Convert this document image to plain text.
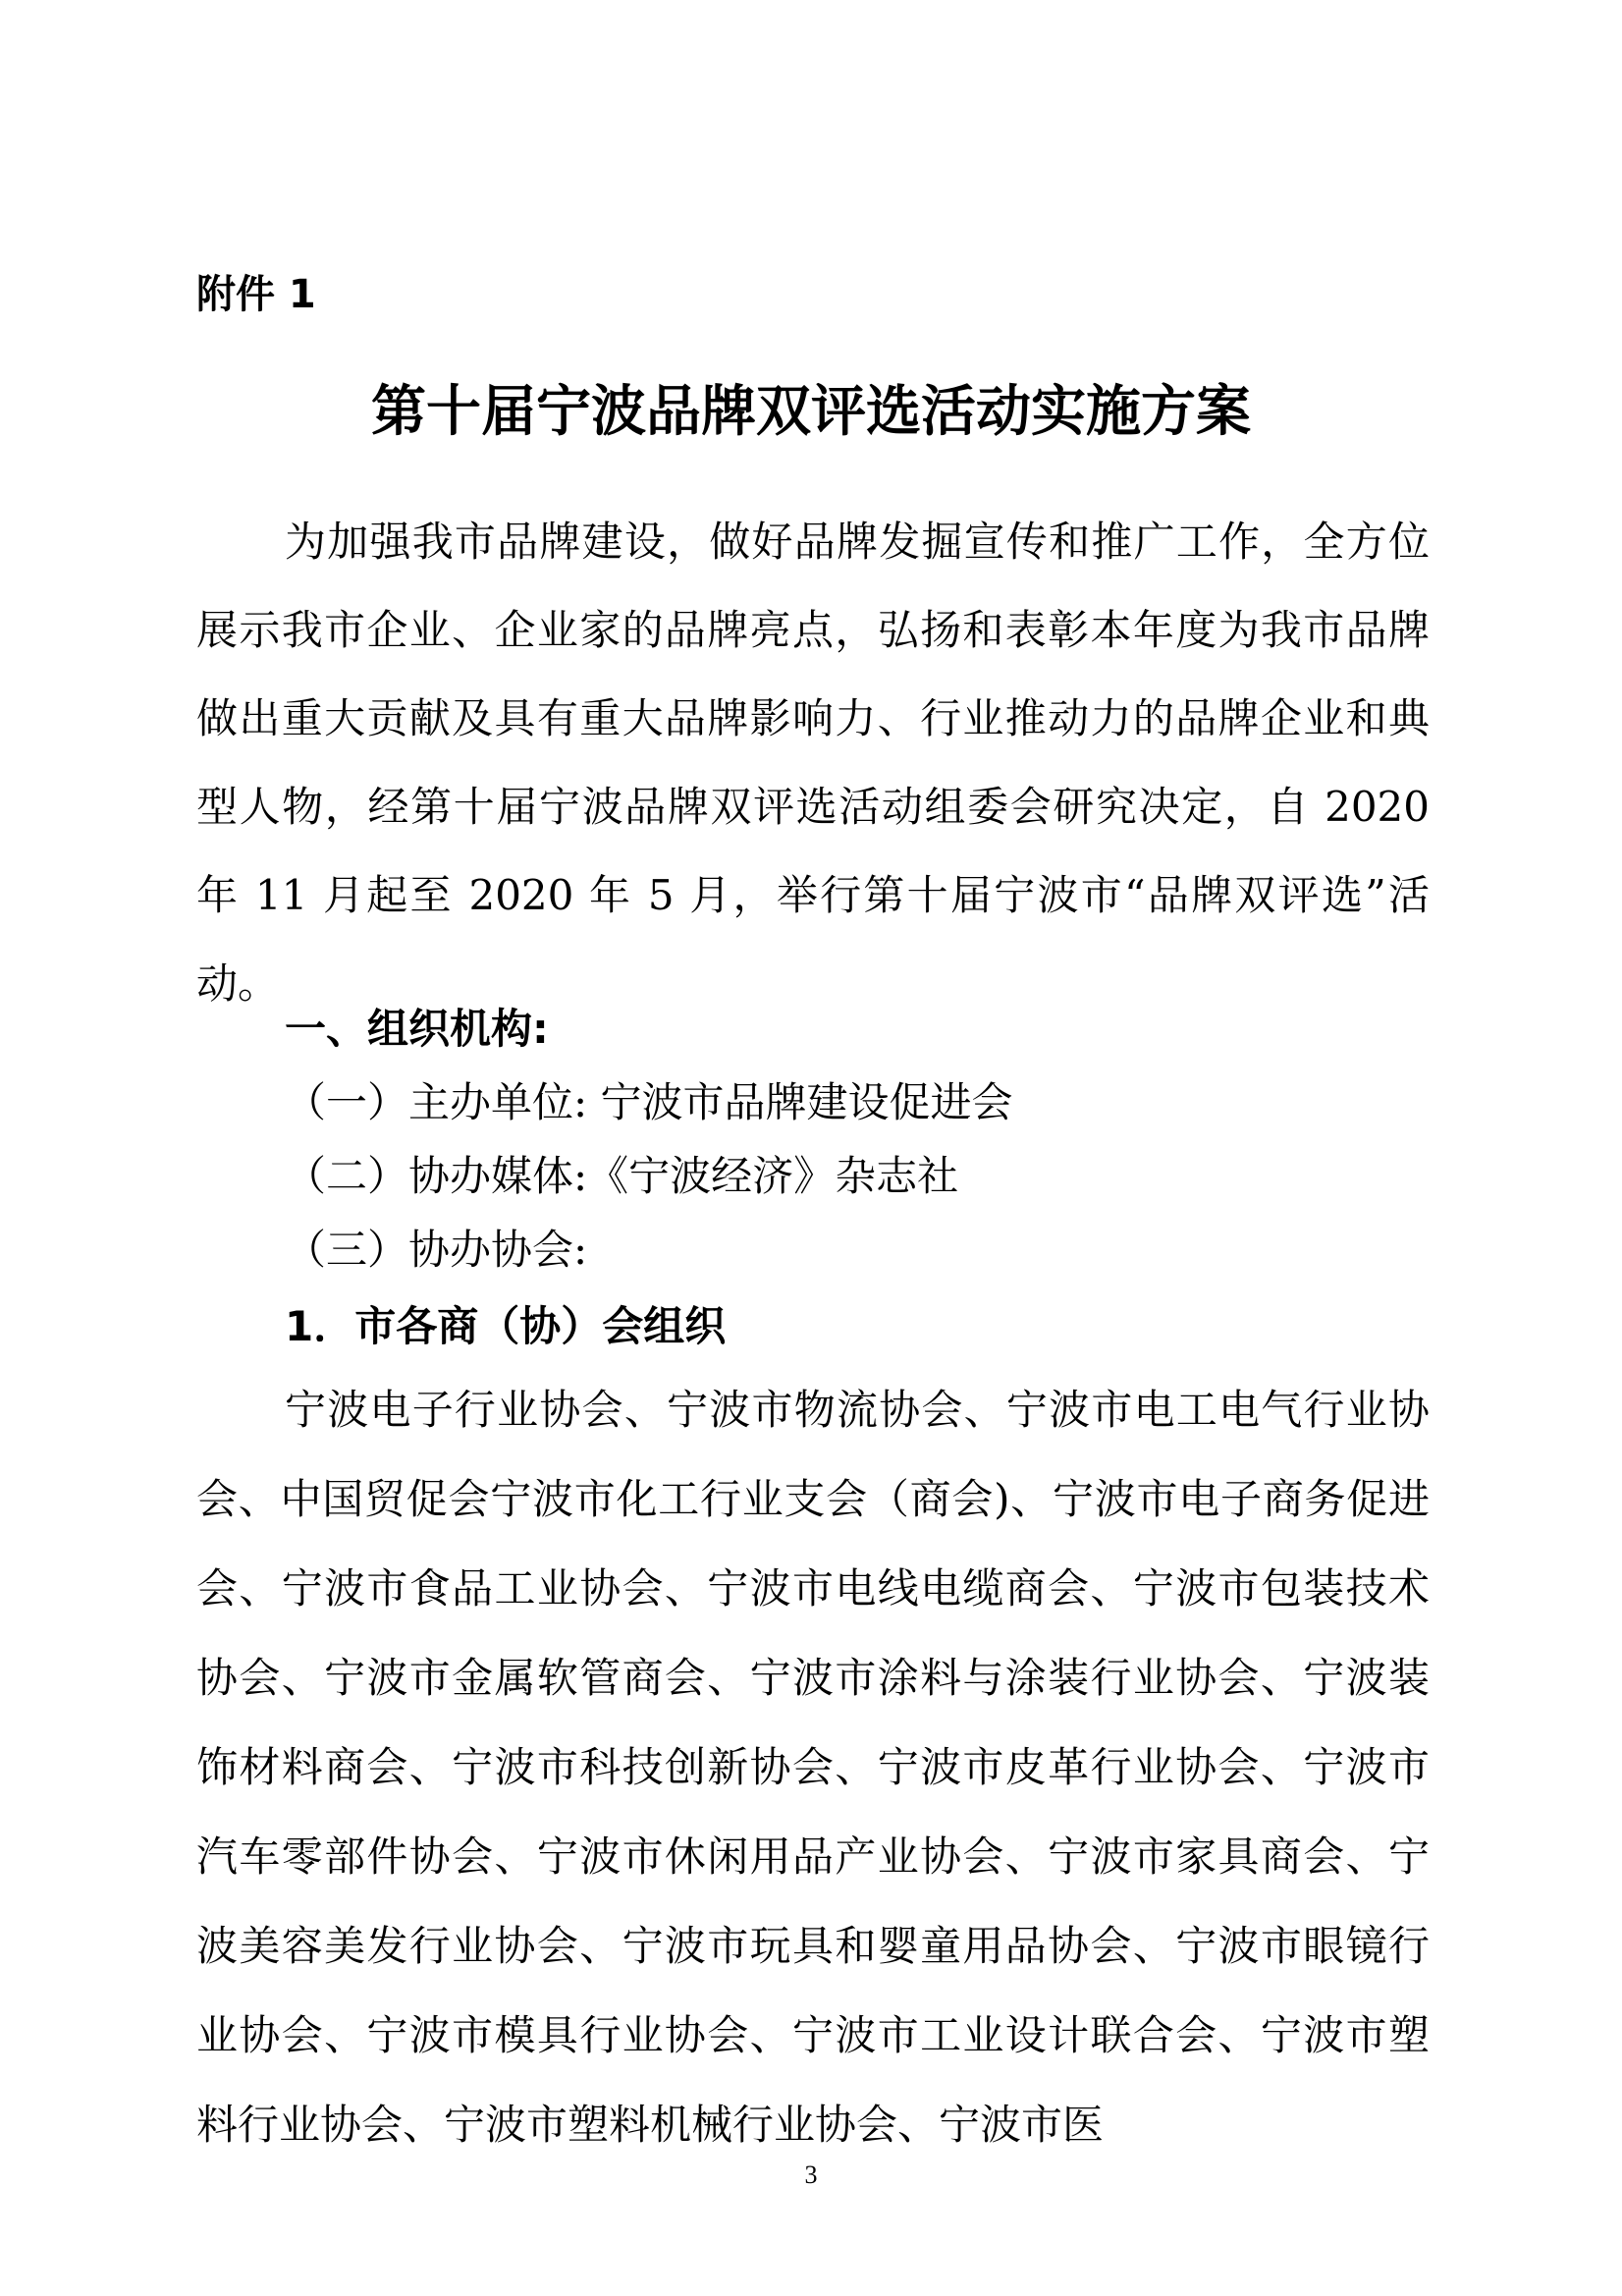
附件 1
第十届宁波品牌双评选活动实施方案

为加强我市品牌建设，做好品牌发掘宣传和推广工作，全方位展示我市企业、企业家的品牌亮点，弘扬和表彰本年度为我市品牌做出重大贡献及具有重大品牌影响力、行业推动力的品牌企业和典型人物，经第十届宁波品牌双评选活动组委会研究决定，自 2020 年 11 月起至 2020 年 5 月，举行第十届宁波市“品牌双评选”活动。

一、组织机构:

（一）主办单位: 宁波市品牌建设促进会

（二）协办媒体:《宁波经济》杂志社

（三）协办协会:

1．市各商（协）会组织

宁波电子行业协会、宁波市物流协会、宁波市电工电气行业协会、中国贸促会宁波市化工行业支会（商会)、宁波市电子商务促进会、宁波市食品工业协会、宁波市电线电缆商会、宁波市包装技术协会、宁波市金属软管商会、宁波市涂料与涂装行业协会、宁波装饰材料商会、宁波市科技创新协会、宁波市皮革行业协会、宁波市汽车零部件协会、宁波市休闲用品产业协会、宁波市家具商会、宁波美容美发行业协会、宁波市玩具和婴童用品协会、宁波市眼镜行业协会、宁波市模具行业协会、宁波市工业设计联合会、宁波市塑料行业协会、宁波市塑料机械行业协会、宁波市医

3
